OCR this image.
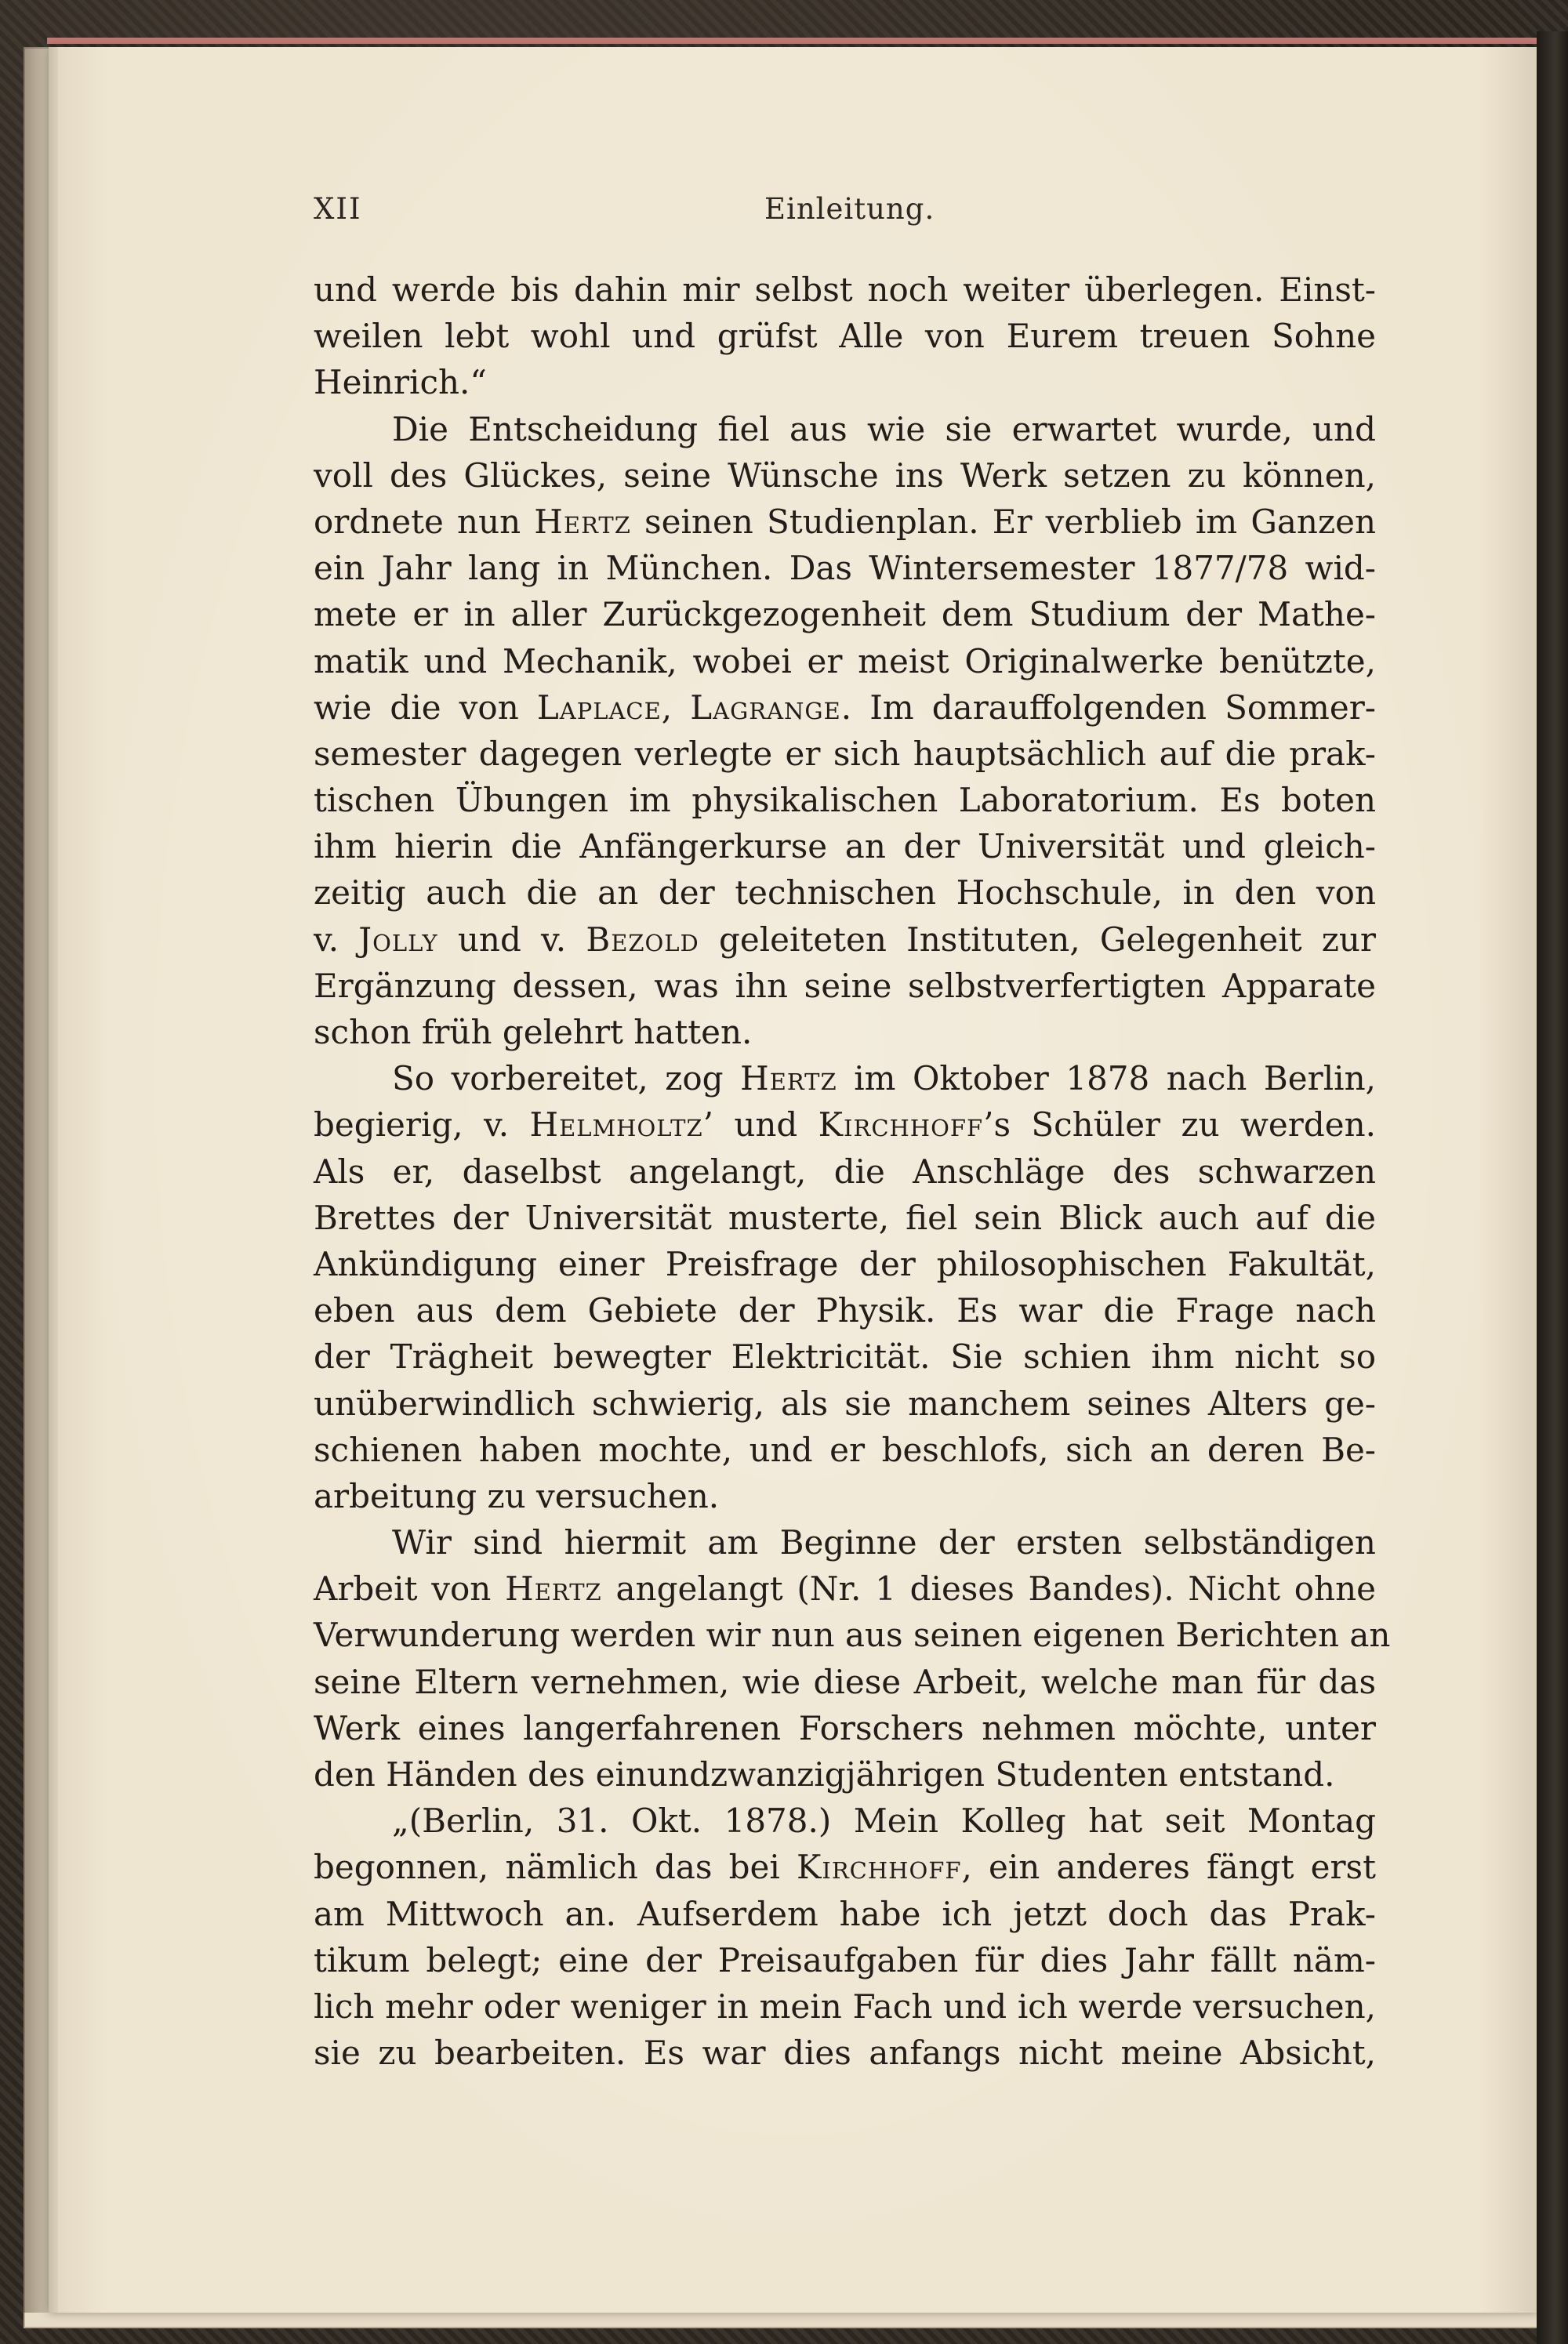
XII	Einleitung.
und werde bis dahin mir selbst noch weiter überlegen. Einst-
weilen lebt wohl und grüfst Alle von Eurem treuen Sohne
Heinrich.“
Die Entscheidung fiel aus wie sie erwartet wurde, und
voll des Glückes, seine Wünsche ins Werk setzen zu können,
ordnete nun Hertz seinen Studienplan. Er verblieb im Ganzen
ein Jahr lang in München. Das Wintersemester 1877/78 wid-
mete er in aller Zurückgezogenheit dem Studium der Mathe-
matik und Mechanik, wobei er meist Originalwerke benützte,
wie die von Laplace, Lagrange. Im darauffolgenden Sommer-
semester dagegen verlegte er sich hauptsächlich auf die prak-
tischen Übungen im physikalischen Laboratorium. Es boten
ihm hierin die Anfängerkurse an der Universität und gleich-
zeitig auch die an der technischen Hochschule, in den von
v. Jolly und v. Bezold geleiteten Instituten, Gelegenheit zur
Ergänzung dessen, was ihn seine selbstverfertigten Apparate
schon früh gelehrt hatten.
So vorbereitet, zog Hertz im Oktober 1878 nach Berlin,
begierig, v. Helmholtz’ und Kirchhoff’s Schüler zu werden.
Als er, daselbst angelangt, die Anschläge des schwarzen
Brettes der Universität musterte, fiel sein Blick auch auf die
Ankündigung einer Preisfrage der philosophischen Fakultät,
eben aus dem Gebiete der Physik. Es war die Frage nach
der Trägheit bewegter Elektricität. Sie schien ihm nicht so
unüberwindlich schwierig, als sie manchem seines Alters ge-
schienen haben mochte, und er beschlofs, sich an deren Be-
arbeitung zu versuchen.
Wir sind hiermit am Beginne der ersten selbständigen
Arbeit von Hertz angelangt (Nr. 1 dieses Bandes). Nicht ohne
Verwunderung werden wir nun aus seinen eigenen Berichten an
seine Eltern vernehmen, wie diese Arbeit, welche man für das
Werk eines langerfahrenen Forschers nehmen möchte, unter
den Händen des einundzwanzigjährigen Studenten entstand.
„(Berlin, 31. Okt. 1878.) Mein Kolleg hat seit Montag
begonnen, nämlich das bei Kirchhoff, ein anderes fängt erst
am Mittwoch an. Aufserdem habe ich jetzt doch das Prak-
tikum belegt; eine der Preisaufgaben für dies Jahr fällt näm-
lich mehr oder weniger in mein Fach und ich werde versuchen,
sie zu bearbeiten. Es war dies anfangs nicht meine Absicht,
